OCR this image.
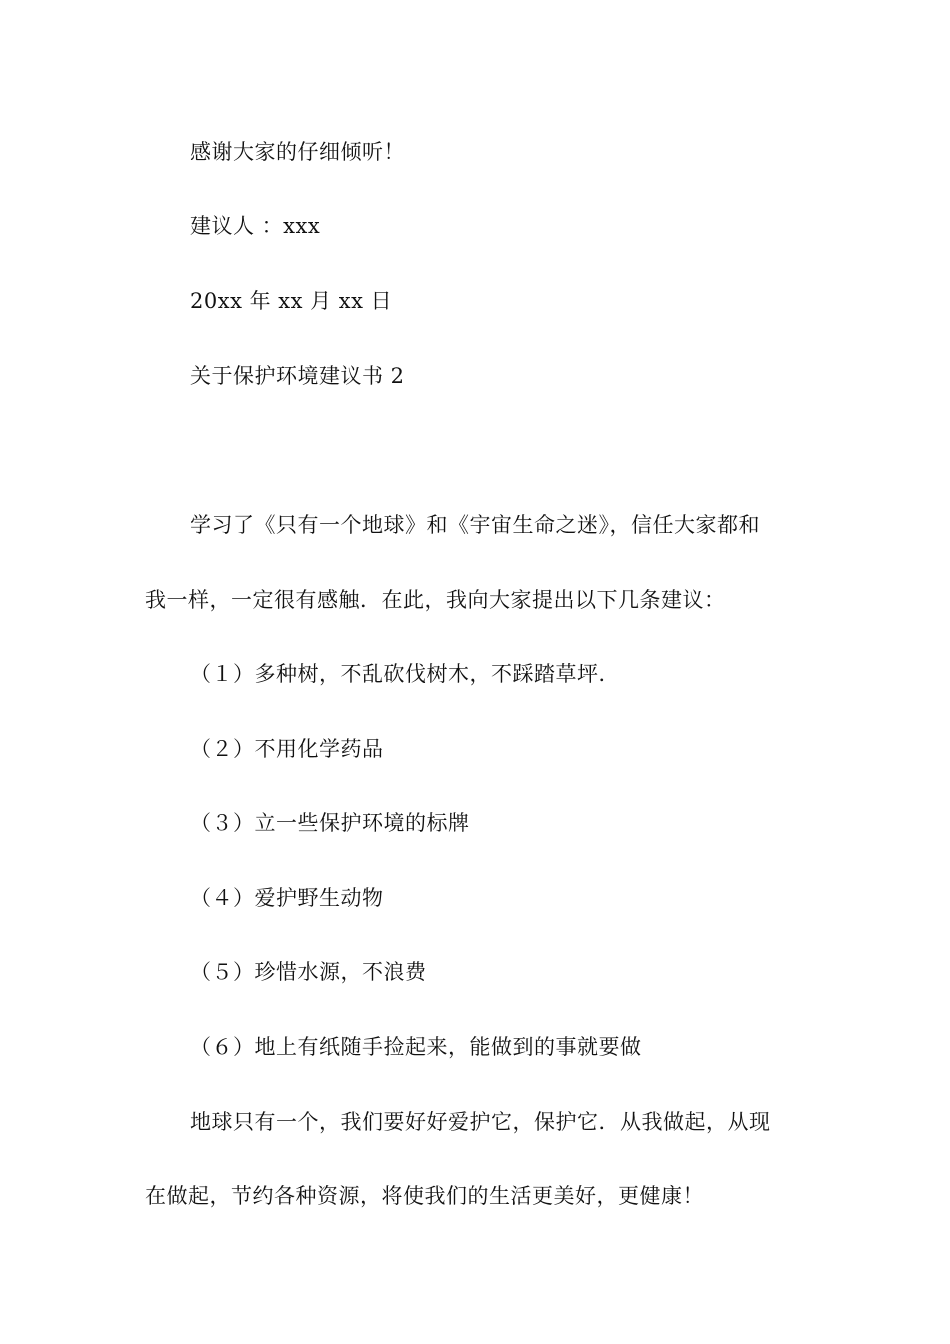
感谢大家的仔细倾听！
建议人 ：xxx
20xx 年 xx 月 xx 日
关于保护环境建议书 2
学习了《只有一个地球》和《宇宙生命之迷》，信任大家都和
我一样，一定很有感触．在此，我向大家提出以下几条建议：
（１）多种树，不乱砍伐树木，不踩踏草坪．
（２）不用化学药品
（３）立一些保护环境的标牌
（４）爱护野生动物
（５）珍惜水源，不浪费
（６）地上有纸随手捡起来，能做到的事就要做
地球只有一个，我们要好好爱护它，保护它．从我做起，从现
在做起，节约各种资源，将使我们的生活更美好，更健康！
